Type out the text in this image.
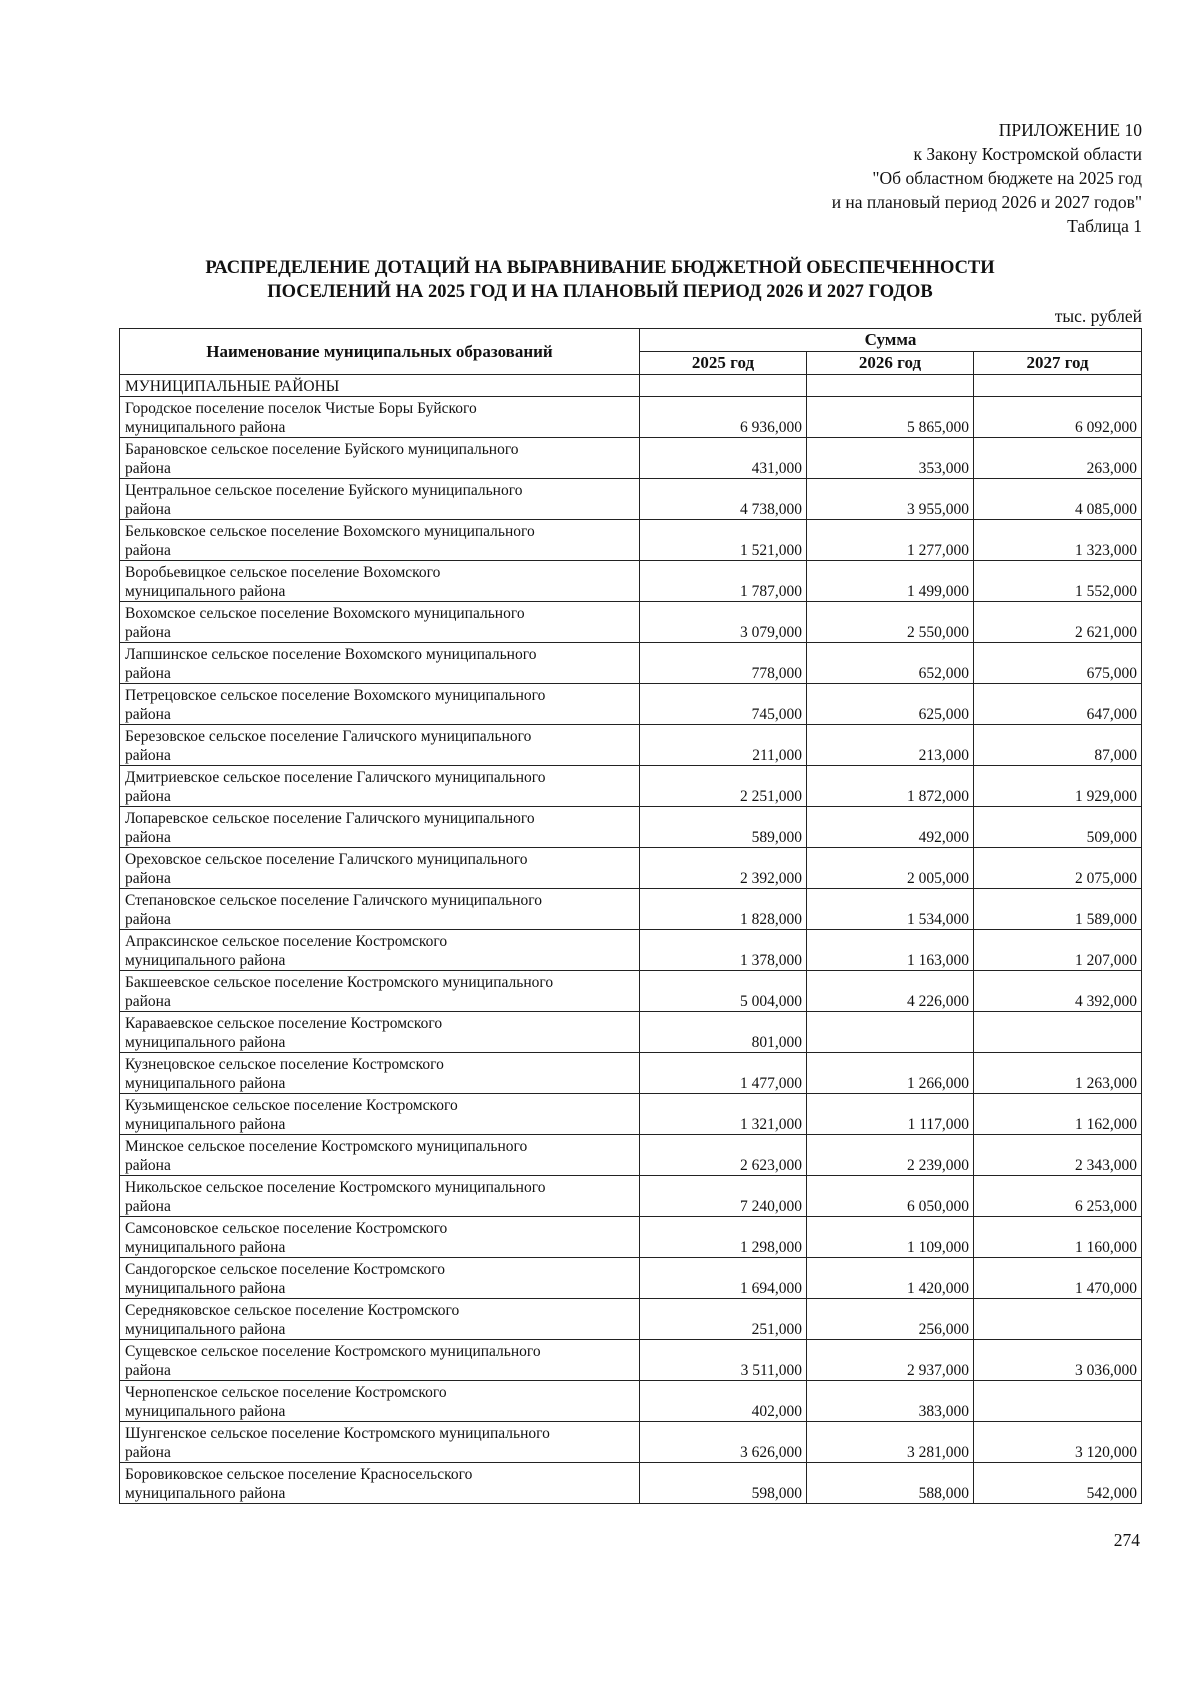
ПРИЛОЖЕНИЕ 10
к Закону Костромской области
"Об областном бюджете на 2025 год
и на плановый период 2026 и 2027 годов"
Таблица 1
РАСПРЕДЕЛЕНИЕ ДОТАЦИЙ НА ВЫРАВНИВАНИЕ БЮДЖЕТНОЙ ОБЕСПЕЧЕННОСТИ
ПОСЕЛЕНИЙ НА 2025 ГОД И НА ПЛАНОВЫЙ ПЕРИОД 2026 И 2027 ГОДОВ
тыс. рублей
Наименование муниципальных образований	Сумма		
	2025 год	2026 год	2027 год
МУНИЦИПАЛЬНЫЕ РАЙОНЫ			

Городское поселение поселок Чистые Боры Буйского
муниципального района	6 936,000	5 865,000	6 092,000

Барановское сельское поселение Буйского муниципального
района	431,000	353,000	263,000

Центральное сельское поселение Буйского муниципального
района	4 738,000	3 955,000	4 085,000

Бельковское сельское поселение Вохомского муниципального
района	1 521,000	1 277,000	1 323,000

Воробьевицкое сельское поселение Вохомского
муниципального района	1 787,000	1 499,000	1 552,000

Вохомское сельское поселение Вохомского муниципального
района	3 079,000	2 550,000	2 621,000

Лапшинское сельское поселение Вохомского муниципального
района	778,000	652,000	675,000

Петрецовское сельское поселение Вохомского муниципального
района	745,000	625,000	647,000

Березовское сельское поселение Галичского муниципального
района	211,000	213,000	87,000

Дмитриевское сельское поселение Галичского муниципального
района	2 251,000	1 872,000	1 929,000

Лопаревское сельское поселение Галичского муниципального
района	589,000	492,000	509,000

Ореховское сельское поселение Галичского муниципального
района	2 392,000	2 005,000	2 075,000

Степановское сельское поселение Галичского муниципального
района	1 828,000	1 534,000	1 589,000

Апраксинское сельское поселение Костромского
муниципального района	1 378,000	1 163,000	1 207,000

Бакшеевское сельское поселение Костромского муниципального
района	5 004,000	4 226,000	4 392,000

Караваевское сельское поселение Костромского
муниципального района	801,000		

Кузнецовское сельское поселение Костромского
муниципального района	1 477,000	1 266,000	1 263,000

Кузьмищенское сельское поселение Костромского
муниципального района	1 321,000	1 117,000	1 162,000

Минское сельское поселение Костромского муниципального
района	2 623,000	2 239,000	2 343,000

Никольское сельское поселение Костромского муниципального
района	7 240,000	6 050,000	6 253,000

Самсоновское сельское поселение Костромского
муниципального района	1 298,000	1 109,000	1 160,000

Сандогорское сельское поселение Костромского
муниципального района	1 694,000	1 420,000	1 470,000

Середняковское сельское поселение Костромского
муниципального района	251,000	256,000	

Сущевское сельское поселение Костромского муниципального
района	3 511,000	2 937,000	3 036,000

Чернопенское сельское поселение Костромского
муниципального района	402,000	383,000	

Шунгенское сельское поселение Костромского муниципального
района	3 626,000	3 281,000	3 120,000

Боровиковское сельское поселение Красносельского
муниципального района	598,000	588,000	542,000
274
